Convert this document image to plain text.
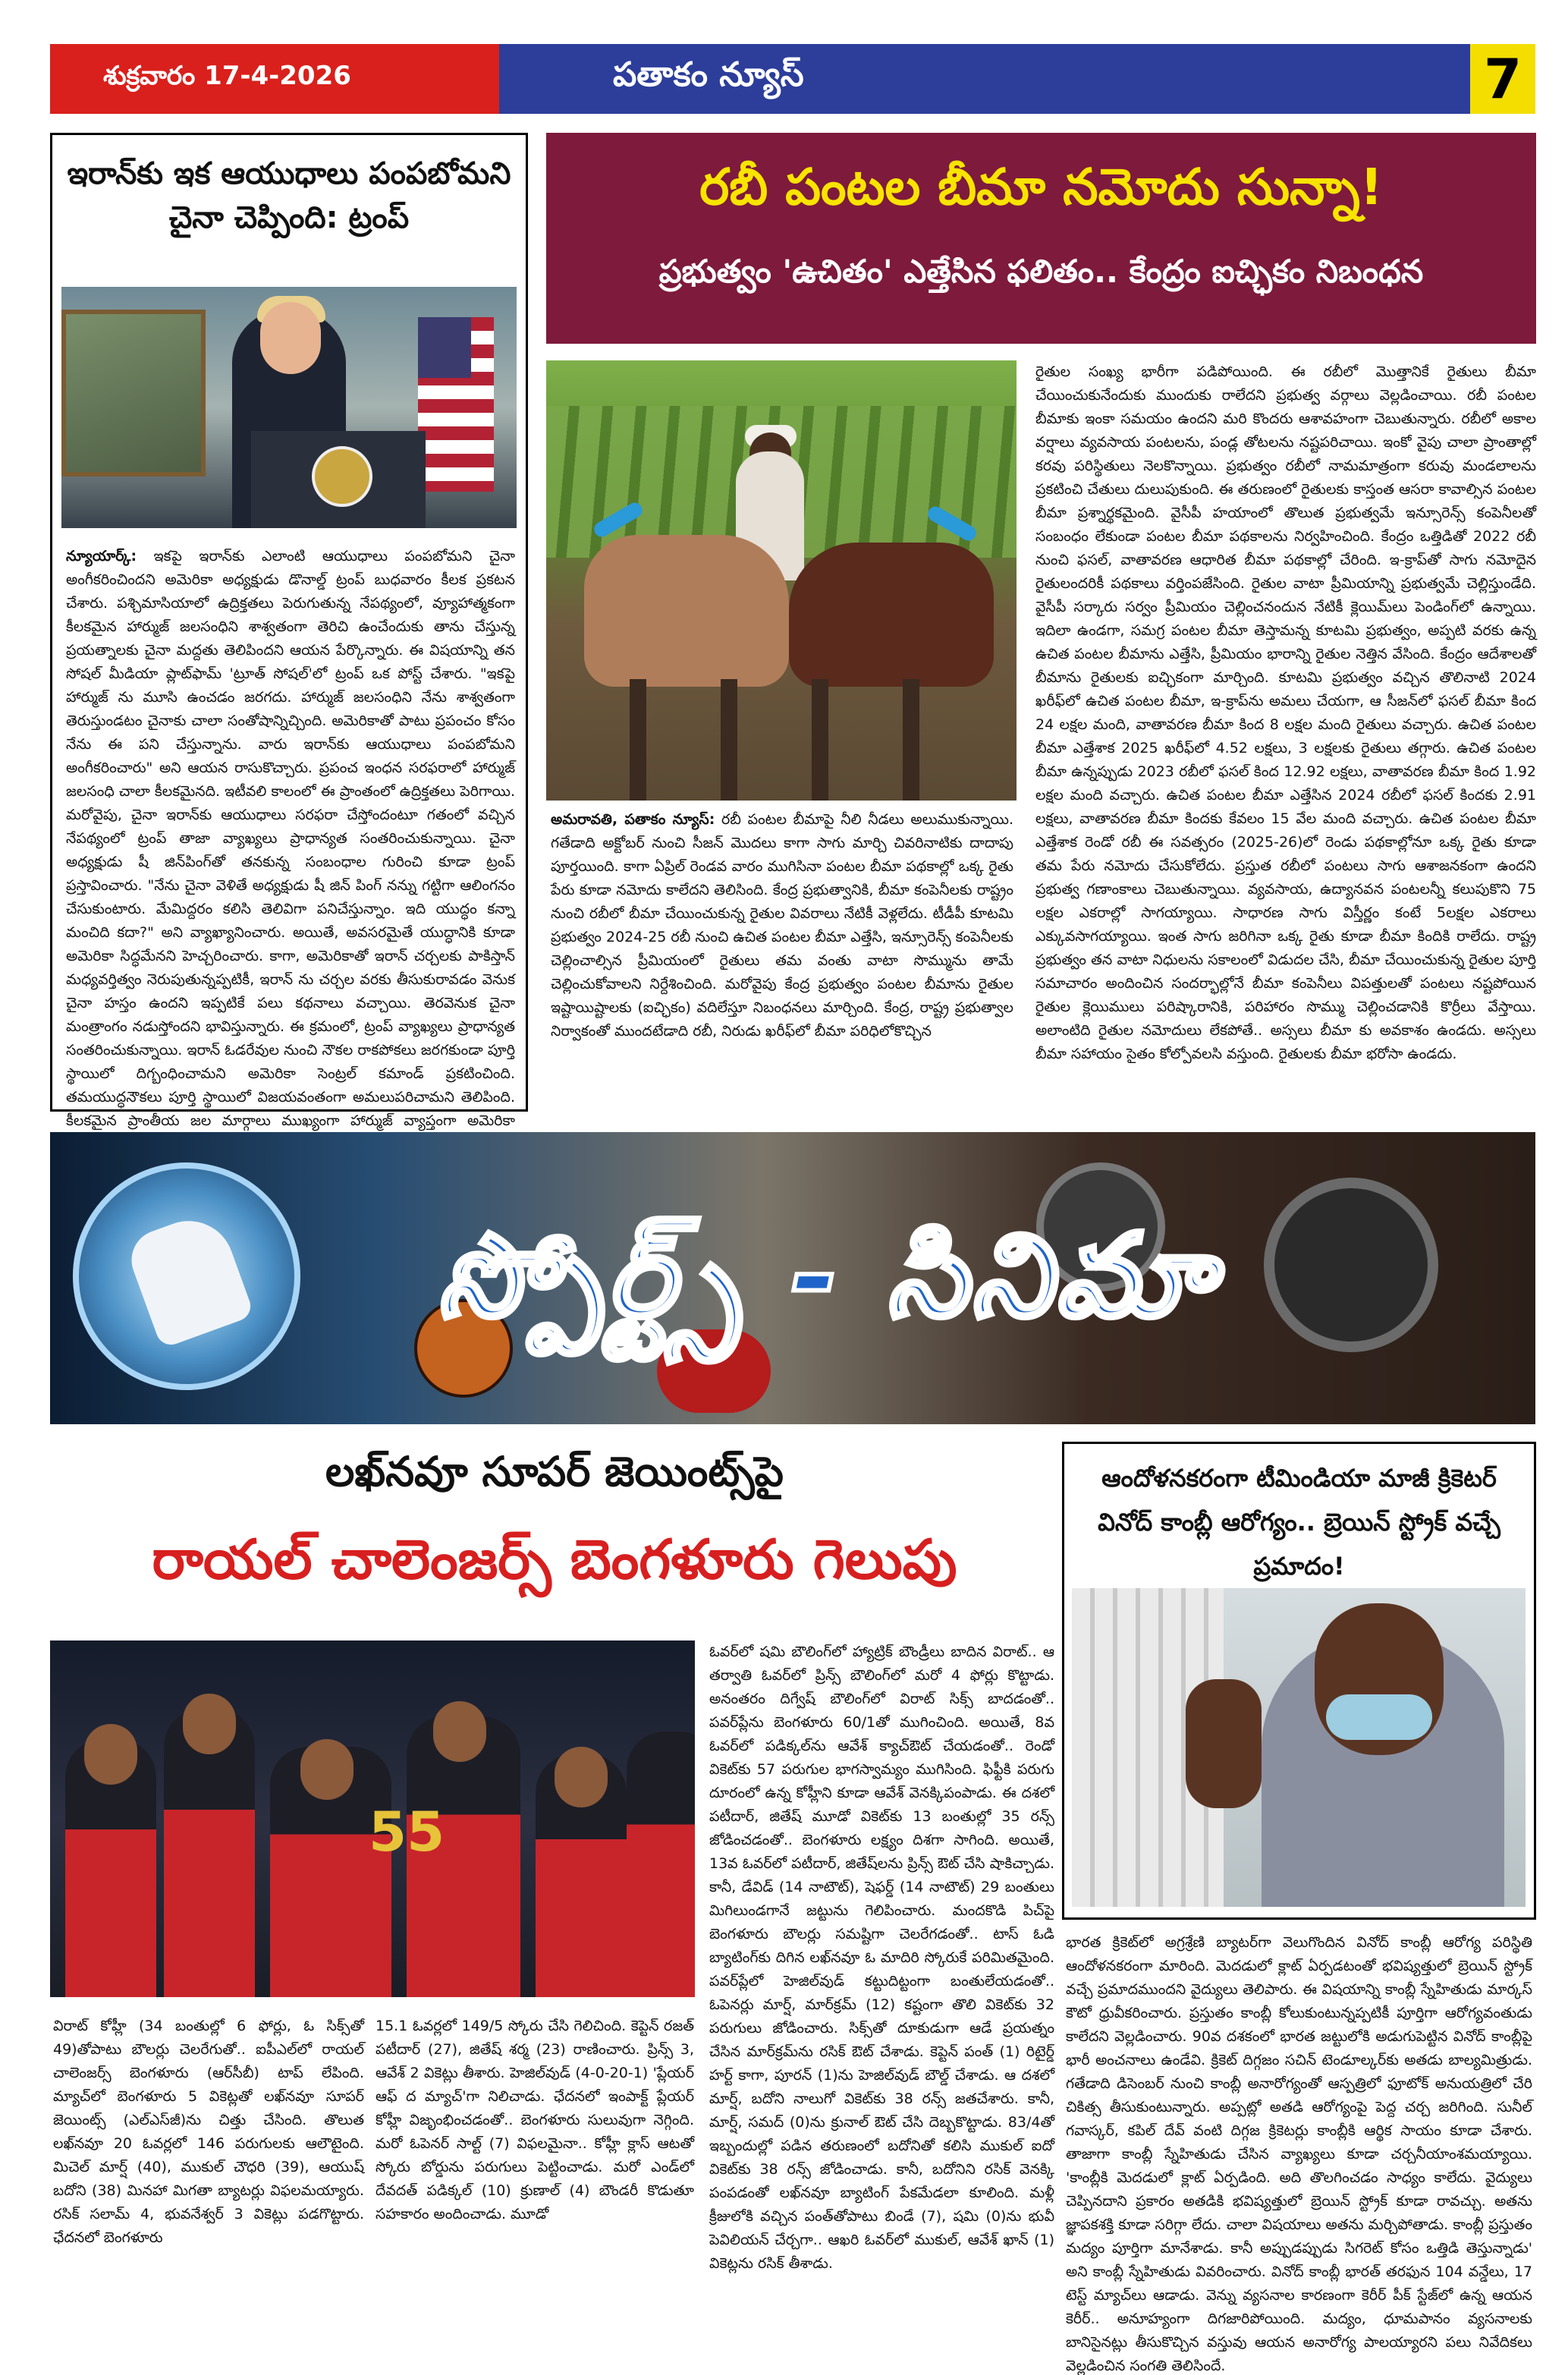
శుక్రవారం 17-4-2026	పతాకం న్యూస్	7
ఇరాన్‌కు ఇక ఆయుధాలు పంపబోమని చైనా చెప్పింది: ట్రంప్
న్యూయార్క్: ఇకపై ఇరాన్‌కు ఎలాంటి ఆయుధాలు పంపబోమని చైనా అంగీకరించిందని అమెరికా అధ్యక్షుడు డొనాల్డ్ ట్రంప్ బుధవారం కీలక ప్రకటన చేశారు. పశ్చిమాసియాలో ఉద్రిక్తతలు పెరుగుతున్న నేపథ్యంలో, వ్యూహాత్మకంగా కీలకమైన హార్ముజ్ జలసంధిని శాశ్వతంగా తెరిచి ఉంచేందుకు తాను చేస్తున్న ప్రయత్నాలకు చైనా మద్దతు తెలిపిందని ఆయన పేర్కొన్నారు. ఈ విషయాన్ని తన సోషల్ మీడియా ప్లాట్‌ఫామ్ 'ట్రూత్ సోషల్‌'లో ట్రంప్ ఒక పోస్ట్ చేశారు. "ఇకపై హార్ముజ్ ను మూసి ఉంచడం జరగదు. హార్ముజ్ జలసంధిని నేను శాశ్వతంగా తెరుస్తుండటం చైనాకు చాలా సంతోషాన్నిచ్చింది. అమెరికాతో పాటు ప్రపంచం కోసం నేను ఈ పని చేస్తున్నాను. వారు ఇరాన్‌కు ఆయుధాలు పంపబోమని అంగీకరించారు" అని ఆయన రాసుకొచ్చారు. ప్రపంచ ఇంధన సరఫరాలో హార్ముజ్ జలసంధి చాలా కీలకమైనది. ఇటీవలి కాలంలో ఈ ప్రాంతంలో ఉద్రిక్తతలు పెరిగాయి. మరోవైపు, చైనా ఇరాన్‌కు ఆయుధాలు సరఫరా చేస్తోందంటూ గతంలో వచ్చిన నేపథ్యంలో ట్రంప్ తాజా వ్యాఖ్యలు ప్రాధాన్యత సంతరించుకున్నాయి. చైనా అధ్యక్షుడు షీ జిన్‌పింగ్‌తో తనకున్న సంబంధాల గురించి కూడా ట్రంప్ ప్రస్తావించారు. "నేను చైనా వెళితే అధ్యక్షుడు షీ జిన్ పింగ్ నన్ను గట్టిగా ఆలింగనం చేసుకుంటారు. మేమిద్దరం కలిసి తెలివిగా పనిచేస్తున్నాం. ఇది యుద్ధం కన్నా మంచిది కదా?" అని వ్యాఖ్యానించారు. అయితే, అవసరమైతే యుద్ధానికి కూడా అమెరికా సిద్ధమేనని హెచ్చరించారు. కాగా, అమెరికాతో ఇరాన్ చర్చలకు పాకిస్తాన్ మధ్యవర్తిత్వం నెరుపుతున్నప్పటికీ, ఇరాన్ ను చర్చల వరకు తీసుకురావడం వెనుక చైనా హస్తం ఉందని ఇప్పటికే పలు కథనాలు వచ్చాయి. తెరవెనుక చైనా మంత్రాంగం నడుస్తోందని భావిస్తున్నారు. ఈ క్రమంలో, ట్రంప్ వ్యాఖ్యలు ప్రాధాన్యత సంతరించుకున్నాయి. ఇరాన్ ఓడరేవుల నుంచి నౌకల రాకపోకలు జరగకుండా పూర్తి స్థాయిలో దిగ్బంధించామని అమెరికా సెంట్రల్ కమాండ్ ప్రకటించింది. తమయుద్ధనౌకలు పూర్తి స్థాయిలో విజయవంతంగా అమలుపరిచామని తెలిపింది. కీలకమైన ప్రాంతీయ జల మార్గాలు ముఖ్యంగా హార్ముజ్ వ్యాప్తంగా అమెరికా
రబీ పంటల బీమా నమోదు సున్నా!
ప్రభుత్వం 'ఉచితం' ఎత్తేసిన ఫలితం.. కేంద్రం ఐచ్ఛికం నిబంధన
అమరావతి, పతాకం న్యూస్: రబీ పంటల బీమాపై నీలి నీడలు అలుముకున్నాయి. గతేడాది అక్టోబర్ నుంచి సీజన్ మొదలు కాగా సాగు మార్చి చివరినాటికు దాదాపు పూర్తయింది. కాగా ఏప్రిల్ రెండవ వారం ముగిసినా పంటల బీమా పథకాల్లో ఒక్క రైతు పేరు కూడా నమోదు కాలేదని తెలిసింది. కేంద్ర ప్రభుత్వానికి, బీమా కంపెనీలకు రాష్ట్రం నుంచి రబీలో బీమా చేయించుకున్న రైతుల వివరాలు నేటికీ వెళ్లలేదు. టీడీపీ కూటమి ప్రభుత్వం 2024-25 రబీ నుంచి ఉచిత పంటల బీమా ఎత్తేసి, ఇన్సూరెన్స్ కంపెనీలకు చెల్లించాల్సిన ప్రీమియంలో రైతులు తమ వంతు వాటా సొమ్మును తామే చెల్లించుకోవాలని నిర్దేశించింది. మరోవైపు కేంద్ర ప్రభుత్వం పంటల బీమాను రైతుల ఇష్టాయిష్టాలకు (ఐచ్ఛికం) వదిలేస్తూ నిబంధనలు మార్చింది. కేంద్ర, రాష్ట్ర ప్రభుత్వాల నిర్వాకంతో ముందటేడాది రబీ, నిరుడు ఖరీఫ్‌లో బీమా పరిధిలోకొచ్చిన
రైతుల సంఖ్య భారీగా పడిపోయింది. ఈ రబీలో మొత్తానికే రైతులు బీమా చేయించుకునేందుకు ముందుకు రాలేదని ప్రభుత్వ వర్గాలు వెల్లడించాయి. రబీ పంటల బీమాకు ఇంకా సమయం ఉందని మరి కొందరు ఆశావహంగా చెబుతున్నారు. రబీలో అకాల వర్షాలు వ్యవసాయ పంటలను, పండ్ల తోటలను నష్టపరిచాయి. ఇంకో వైపు చాలా ప్రాంతాల్లో కరవు పరిస్థితులు నెలకొన్నాయి. ప్రభుత్వం రబీలో నామమాత్రంగా కరువు మండలాలను ప్రకటించి చేతులు దులుపుకుంది. ఈ తరుణంలో రైతులకు కాస్తంత ఆసరా కావాల్సిన పంటల బీమా ప్రశ్నార్థకమైంది. వైసీపీ హయాంలో తొలుత ప్రభుత్వమే ఇన్సూరెన్స్ కంపెనీలతో సంబంధం లేకుండా పంటల బీమా పథకాలను నిర్వహించింది. కేంద్రం ఒత్తిడితో 2022 రబీ నుంచి ఫసల్, వాతావరణ ఆధారిత బీమా పథకాల్లో చేరింది. ఇ-క్రాప్‌తో సాగు నమోదైన రైతులందరికీ పథకాలు వర్తింపజేసింది. రైతుల వాటా ప్రీమియాన్ని ప్రభుత్వమే చెల్లిస్తుండేది. వైసీపీ సర్కారు సర్వం ప్రీమియం చెల్లించనందున నేటికీ క్లెయిమ్‌లు పెండింగ్‌లో ఉన్నాయి. ఇదిలా ఉండగా, సమగ్ర పంటల బీమా తెస్తామన్న కూటమి ప్రభుత్వం, అప్పటి వరకు ఉన్న ఉచిత పంటల బీమాను ఎత్తేసి, ప్రీమియం భారాన్ని రైతుల నెత్తిన వేసింది. కేంద్రం ఆదేశాలతో బీమాను రైతులకు ఐచ్ఛికంగా మార్చింది. కూటమి ప్రభుత్వం వచ్చిన తొలినాటి 2024 ఖరీఫ్‌లో ఉచిత పంటల బీమా, ఇ-క్రాప్‌ను అమలు చేయగా, ఆ సీజన్‌లో ఫసల్ బీమా కింద 24 లక్షల మంది, వాతావరణ బీమా కింద 8 లక్షల మంది రైతులు వచ్చారు. ఉచిత పంటల బీమా ఎత్తేశాక 2025 ఖరీఫ్‌లో 4.52 లక్షలు, 3 లక్షలకు రైతులు తగ్గారు. ఉచిత పంటల బీమా ఉన్నప్పుడు 2023 రబీలో ఫసల్ కింద 12.92 లక్షలు, వాతావరణ బీమా కింద 1.92 లక్షల మంది వచ్చారు. ఉచిత పంటల బీమా ఎత్తేసిన 2024 రబీలో ఫసల్ కిందకు 2.91 లక్షలు, వాతావరణ బీమా కిందకు కేవలం 15 వేల మంది వచ్చారు. ఉచిత పంటల బీమా ఎత్తేశాక రెండో రబీ ఈ సవత్సరం (2025-26)లో రెండు పథకాల్లోనూ ఒక్క రైతు కూడా తమ పేరు నమోదు చేసుకోలేదు. ప్రస్తుత రబీలో పంటలు సాగు ఆశాజనకంగా ఉందని ప్రభుత్వ గణాంకాలు చెబుతున్నాయి. వ్యవసాయ, ఉద్యానవన పంటలన్నీ కలుపుకొని 75 లక్షల ఎకరాల్లో సాగయ్యాయి. సాధారణ సాగు విస్తీర్ణం కంటే 5లక్షల ఎకరాలు ఎక్కువసాగయ్యాయి. ఇంత సాగు జరిగినా ఒక్క రైతు కూడా బీమా కిందికి రాలేదు. రాష్ట్ర ప్రభుత్వం తన వాటా నిధులను సకాలంలో విడుదల చేసి, బీమా చేయించుకున్న రైతుల పూర్తి సమాచారం అందించిన సందర్భాల్లోనే బీమా కంపెనీలు విపత్తులతో పంటలు నష్టపోయిన రైతుల క్లెయిములు పరిష్కారానికి, పరిహారం సొమ్ము చెల్లించడానికి కొర్రీలు వేస్తాయి. అలాంటిది రైతుల నమోదులు లేకపోతే.. అస్సలు బీమా కు అవకాశం ఉండదు. అస్సలు బీమా సహాయం సైతం కోల్పోవలసి వస్తుంది. రైతులకు బీమా భరోసా ఉండదు.
స్పోర్ట్స్ - సినిమా
లఖ్‌నవూ సూపర్ జెయింట్స్‌పై
రాయల్ చాలెంజర్స్ బెంగళూరు గెలుపు
55
విరాట్ కోహ్లీ (34 బంతుల్లో 6 ఫోర్లు, ఓ సిక్స్‌తో 49)తోపాటు బౌలర్లు చెలరేగుతో.. ఐపీఎల్‌లో రాయల్ చాలెంజర్స్ బెంగళూరు (ఆర్‌సీబీ) టాప్ లేపింది. మ్యాచ్‌లో బెంగళూరు 5 వికెట్లతో లఖ్‌నవూ సూపర్ జెయింట్స్ (ఎల్‌ఎస్‌జీ)ను చిత్తు చేసింది. తొలుత లఖ్‌నవూ 20 ఓవర్లలో 146 పరుగులకు ఆలౌటైంది. మిచెల్ మార్ష్ (40), ముకుల్ చౌధరి (39), ఆయుష్ బదోని (38) మినహా మిగతా బ్యాటర్లు విఫలమయ్యారు. రసిక్ సలామ్ 4, భువనేశ్వర్ 3 వికెట్లు పడగొట్టారు. ఛేదనలో బెంగళూరు
15.1 ఓవర్లలో 149/5 స్కోరు చేసి గెలిచింది. కెప్టెన్ రజత్ పటీదార్ (27), జితేష్ శర్మ (23) రాణించారు. ప్రిన్స్ 3, ఆవేశ్ 2 వికెట్లు తీశారు. హెజిల్‌వుడ్ (4-0-20-1) 'ప్లేయర్ ఆఫ్ ద మ్యాచ్'గా నిలిచాడు. ఛేదనలో ఇంపాక్ట్ ప్లేయర్ కోహ్లీ విజృంభించడంతో.. బెంగళూరు సులువుగా నెగ్గింది. మరో ఓపెనర్ సాల్ట్ (7) విఫలమైనా.. కోహ్లీ క్లాస్ ఆటతో స్కోరు బోర్డును పరుగులు పెట్టించాడు. మరో ఎండ్‌లో దేవదత్ పడిక్కల్ (10) క్రుణాల్ (4) బౌండరీ కొడుతూ సహకారం అందించాడు. మూడో
ఓవర్‌లో షమి బౌలింగ్‌లో హ్యాట్రిక్ బౌండ్రీలు బాదిన విరాట్.. ఆ తర్వాతి ఓవర్‌లో ప్రిన్స్ బౌలింగ్‌లో మరో 4 ఫోర్లు కొట్టాడు. అనంతరం దిగ్వేష్ బౌలింగ్‌లో విరాట్ సిక్స్ బాదడంతో.. పవర్‌ప్లేను బెంగళూరు 60/1తో ముగించింది. అయితే, 8వ ఓవర్‌లో పడిక్కల్‌ను ఆవేశ్ క్యాచ్‌ఔట్ చేయడంతో.. రెండో వికెట్‌కు 57 పరుగుల భాగస్వామ్యం ముగిసింది. ఫిఫ్టీకి పరుగు దూరంలో ఉన్న కోహ్లీని కూడా ఆవేశ్ వెనక్కిపంపాడు. ఈ దశలో పటీదార్, జితేష్ మూడో వికెట్‌కు 13 బంతుల్లో 35 రన్స్ జోడించడంతో.. బెంగళూరు లక్ష్యం దిశగా సాగింది. అయితే, 13వ ఓవర్‌లో పటీదార్, జితేష్‌లను ప్రిన్స్ ఔట్ చేసి షాకిచ్చాడు. కానీ, డేవిడ్ (14 నాటౌట్), షెఫర్డ్ (14 నాటౌట్) 29 బంతులు మిగిలుండగానే జట్టును గెలిపించారు. మందకొడి పిచ్‌పై బెంగళూరు బౌలర్లు సమష్టిగా చెలరేగడంతో.. టాస్ ఓడి బ్యాటింగ్‌కు దిగిన లఖ్‌నవూ ఓ మాదిరి స్కోరుకే పరిమితమైంది. పవర్‌ప్లేలో హెజిల్‌వుడ్ కట్టుదిట్టంగా బంతులేయడంతో.. ఓపెనర్లు మార్ష్, మార్‌క్రమ్ (12) కష్టంగా తొలి వికెట్‌కు 32 పరుగులు జోడించారు. సిక్స్‌తో దూకుడుగా ఆడే ప్రయత్నం చేసిన మార్‌క్రమ్‌ను రసిక్ ఔట్ చేశాడు. కెప్టెన్ పంత్ (1) రిటైర్డ్ హర్ట్ కాగా, పూరన్ (1)ను హెజిల్‌వుడ్ బౌల్డ్ చేశాడు. ఆ దశలో మార్ష్, బదోని నాలుగో వికెట్‌కు 38 రన్స్ జతచేశారు. కానీ, మార్ష్, సమద్ (0)ను క్రునాల్ ఔట్ చేసి దెబ్బకొట్టాడు. 83/4తో ఇబ్బందుల్లో పడిన తరుణంలో బదోనితో కలిసి ముకుల్ ఐదో వికెట్‌కు 38 రన్స్ జోడించాడు. కానీ, బదోనిని రసిక్ వెనక్కి పంపడంతో లఖ్‌నవూ బ్యాటింగ్ పేకమేడలా కూలింది. మళ్లీ క్రీజులోకి వచ్చిన పంత్‌తోపాటు బిండే (7), షమి (0)ను భువీ పెవిలియన్ చేర్చగా.. ఆఖరి ఓవర్‌లో ముకుల్, ఆవేశ్ ఖాన్ (1) వికెట్లను రసిక్ తీశాడు.
ఆందోళనకరంగా టీమిండియా మాజీ క్రికెటర్ వినోద్ కాంబ్లీ ఆరోగ్యం.. బ్రెయిన్ స్ట్రోక్ వచ్చే ప్రమాదం!
భారత క్రికెట్‌లో అగ్రశ్రేణి బ్యాటర్‌గా వెలుగొందిన వినోద్ కాంబ్లీ ఆరోగ్య పరిస్థితి ఆందోళనకరంగా మారింది. మెదడులో క్లాట్ ఏర్పడటంతో భవిష్యత్తులో బ్రెయిన్ స్ట్రోక్ వచ్చే ప్రమాదముందని వైద్యులు తెలిపారు. ఈ విషయాన్ని కాంబ్లీ స్నేహితుడు మార్కస్ కౌటో ధ్రువీకరించారు. ప్రస్తుతం కాంబ్లీ కోలుకుంటున్నప్పటికీ పూర్తిగా ఆరోగ్యవంతుడు కాలేదని వెల్లడించారు. 90వ దశకంలో భారత జట్టులోకి అడుగుపెట్టిన వినోద్ కాంబ్లీపై భారీ అంచనాలు ఉండేవి. క్రికెట్ దిగ్గజం సచిన్ టెండూల్కర్‌కు అతడు బాల్యమిత్రుడు. గతేడాది డిసెంబర్ నుంచి కాంబ్లీ అనారోగ్యంతో ఆస్పత్రిలో ఫూటోక్ అనుయత్రిలో చేరి చికిత్స తీసుకుంటున్నారు. అప్పట్లో అతడి ఆరోగ్యంపై పెద్ద చర్చ జరిగింది. సునీల్ గవాస్కర్, కపిల్ దేవ్ వంటి దిగ్గజ క్రికెటర్లు కాంబ్లీకి ఆర్థిక సాయం కూడా చేశారు. తాజాగా కాంబ్లీ స్నేహితుడు చేసిన వ్యాఖ్యలు కూడా చర్చనీయాంశమయ్యాయి. 'కాంబ్లీకి మెదడులో క్లాట్ ఏర్పడింది. అది తొలగించడం సాధ్యం కాలేదు. వైద్యులు చెప్పినదాని ప్రకారం అతడికి భవిష్యత్తులో బ్రెయిన్ స్ట్రోక్ కూడా రావచ్చు. అతను జ్ఞాపకశక్తి కూడా సరిగ్గా లేదు. చాలా విషయాలు అతను మర్చిపోతాడు. కాంబ్లీ ప్రస్తుతం మద్యం పూర్తిగా మానేశాడు. కానీ అప్పుడప్పుడు సిగరెట్ కోసం ఒత్తిడి తెస్తున్నాడు' అని కాంబ్లీ స్నేహితుడు వివరించారు. వినోద్ కాంబ్లీ భారత్ తరఫున 104 వన్డేలు, 17 టెస్ట్ మ్యాచ్‌లు ఆడాడు. వెన్ను వ్యసనాల కారణంగా కెరీర్ పీక్ స్టేజ్‌లో ఉన్న ఆయన కెరీర్.. అనూహ్యంగా దిగజారిపోయింది. మద్యం, ధూమపానం వ్యసనాలకు బానిసైనట్లు తీసుకొచ్చిన వస్తువు ఆయన అనారోగ్య పాలయ్యారని పలు నివేదికలు వెల్లడించిన సంగతి తెలిసిందే.
